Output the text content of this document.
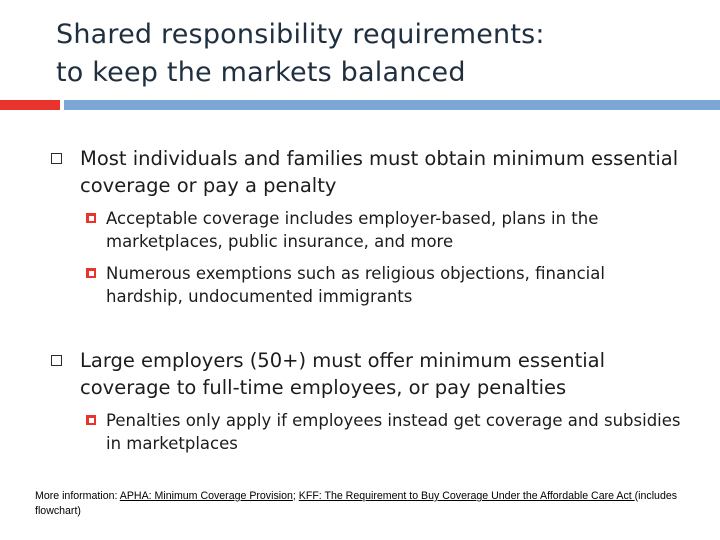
Shared responsibility requirements:
to keep the markets balanced
Most individuals and families must obtain minimum essential coverage or pay a penalty
Acceptable coverage includes employer-based, plans in the marketplaces, public insurance, and more
Numerous exemptions such as religious objections, financial hardship, undocumented immigrants
Large employers (50+) must offer minimum essential coverage to full-time employees, or pay penalties
Penalties only apply if employees instead get coverage and subsidies in marketplaces
More information: APHA: Minimum Coverage Provision; KFF: The Requirement to Buy Coverage Under the Affordable Care Act (includes flowchart)
